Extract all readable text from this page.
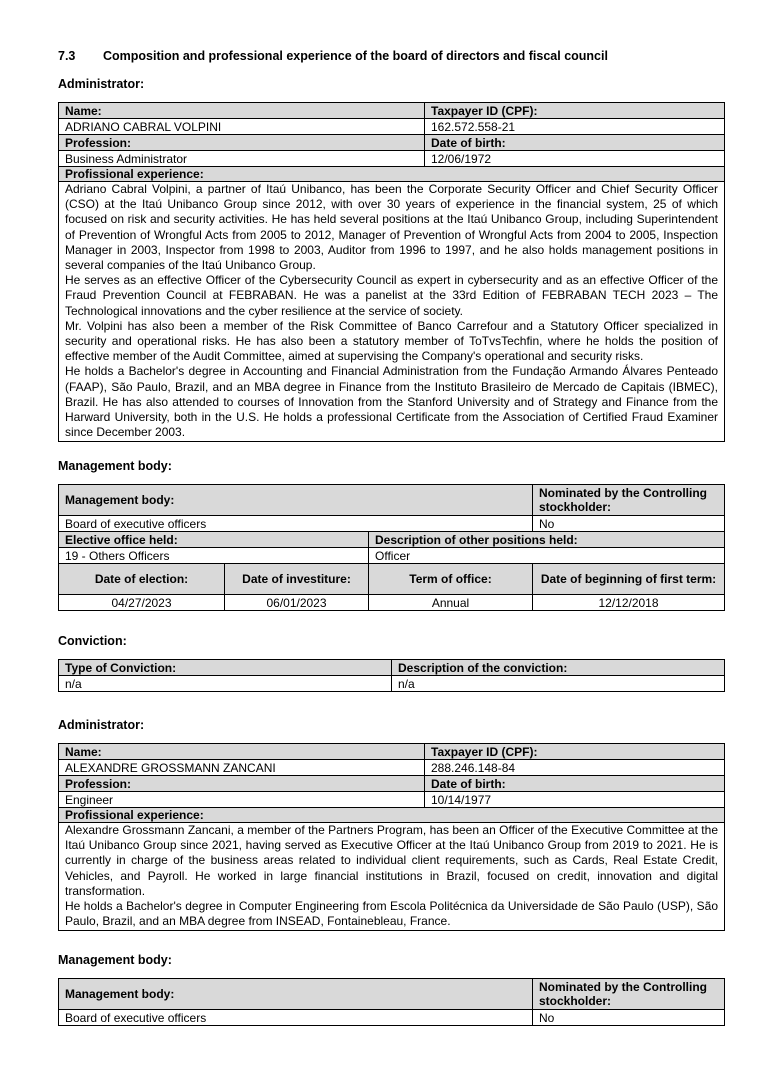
7.3 Composition and professional experience of the board of directors and fiscal council
Administrator:
Name:	Taxpayer ID (CPF):
ADRIANO CABRAL VOLPINI	162.572.558-21
Profession:	Date of birth:
Business Administrator	12/06/1972
Profissional experience:	

Adriano Cabral Volpini, a partner of Itaú Unibanco, has been the Corporate Security Officer and Chief Security Officer (CSO) at the Itaú Unibanco Group since 2012, with over 30 years of experience in the financial system, 25 of which focused on risk and security activities. He has held several positions at the Itaú Unibanco Group, including Superintendent of Prevention of Wrongful Acts from 2005 to 2012, Manager of Prevention of Wrongful Acts from 2004 to 2005, Inspection Manager in 2003, Inspector from 1998 to 2003, Auditor from 1996 to 1997, and he also holds management positions in several companies of the Itaú Unibanco Group.
He serves as an effective Officer of the Cybersecurity Council as expert in cybersecurity and as an effective Officer of the Fraud Prevention Council at FEBRABAN. He was a panelist at the 33rd Edition of FEBRABAN TECH 2023 – The Technological innovations and the cyber resilience at the service of society.
Mr. Volpini has also been a member of the Risk Committee of Banco Carrefour and a Statutory Officer specialized in security and operational risks. He has also been a statutory member of ToTvsTechfin, where he holds the position of effective member of the Audit Committee, aimed at supervising the Company's operational and security risks.
He holds a Bachelor's degree in Accounting and Financial Administration from the Fundação Armando Álvares Penteado (FAAP), São Paulo, Brazil, and an MBA degree in Finance from the Instituto Brasileiro de Mercado de Capitais (IBMEC), Brazil. He has also attended to courses of Innovation from the Stanford University and of Strategy and Finance from the Harward University, both in the U.S. He holds a professional Certificate from the Association of Certified Fraud Examiner since December 2003.	
Management body:
Management body:			Nominated by the Controlling stockholder:
Board of executive officers			No
Elective office held:		Description of other positions held:	
19 - Others Officers		Officer	
Date of election:	Date of investiture:	Term of office:	Date of beginning of first term:
04/27/2023	06/01/2023	Annual	12/12/2018
Conviction:
Type of Conviction:	Description of the conviction:
n/a	n/a
Administrator:
Name:	Taxpayer ID (CPF):
ALEXANDRE GROSSMANN ZANCANI	288.246.148-84
Profession:	Date of birth:
Engineer	10/14/1977
Profissional experience:	

Alexandre Grossmann Zancani, a member of the Partners Program, has been an Officer of the Executive Committee at the Itaú Unibanco Group since 2021, having served as Executive Officer at the Itaú Unibanco Group from 2019 to 2021. He is currently in charge of the business areas related to individual client requirements, such as Cards, Real Estate Credit, Vehicles, and Payroll. He worked in large financial institutions in Brazil, focused on credit, innovation and digital transformation.
He holds a Bachelor's degree in Computer Engineering from Escola Politécnica da Universidade de São Paulo (USP), São Paulo, Brazil, and an MBA degree from INSEAD, Fontainebleau, France.	
Management body:
Management body:	Nominated by the Controlling stockholder:
Board of executive officers	No
